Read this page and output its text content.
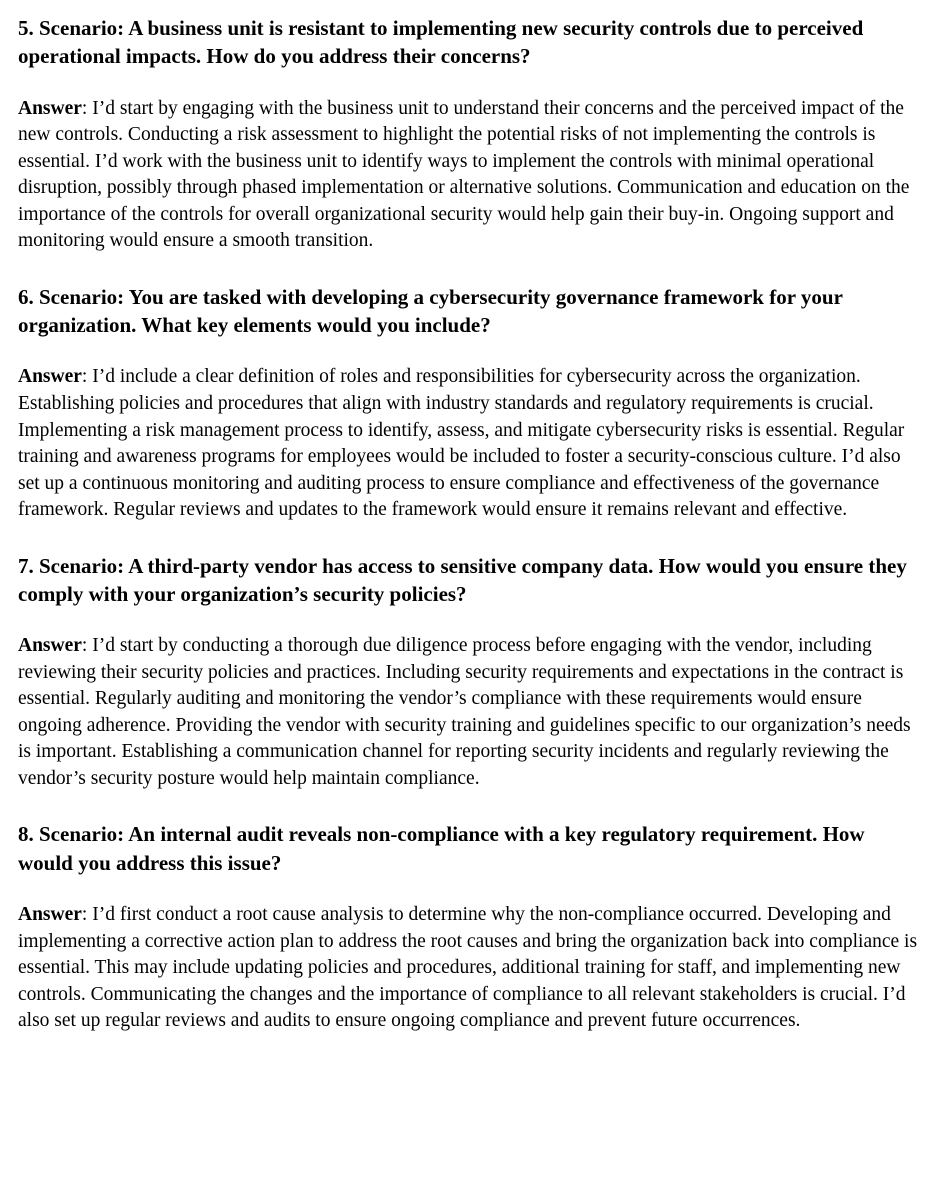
5. Scenario: A business unit is resistant to implementing new security controls due to perceived operational impacts. How do you address their concerns?

Answer: I’d start by engaging with the business unit to understand their concerns and the perceived impact of the new controls. Conducting a risk assessment to highlight the potential risks of not implementing the controls is essential. I’d work with the business unit to identify ways to implement the controls with minimal operational disruption, possibly through phased implementation or alternative solutions. Communication and education on the importance of the controls for overall organizational security would help gain their buy-in. Ongoing support and monitoring would ensure a smooth transition.

6. Scenario: You are tasked with developing a cybersecurity governance framework for your organization. What key elements would you include?

Answer: I’d include a clear definition of roles and responsibilities for cybersecurity across the organization. Establishing policies and procedures that align with industry standards and regulatory requirements is crucial. Implementing a risk management process to identify, assess, and mitigate cybersecurity risks is essential. Regular training and awareness programs for employees would be included to foster a security-conscious culture. I’d also set up a continuous monitoring and auditing process to ensure compliance and effectiveness of the governance framework. Regular reviews and updates to the framework would ensure it remains relevant and effective.

7. Scenario: A third-party vendor has access to sensitive company data. How would you ensure they comply with your organization’s security policies?

Answer: I’d start by conducting a thorough due diligence process before engaging with the vendor, including reviewing their security policies and practices. Including security requirements and expectations in the contract is essential. Regularly auditing and monitoring the vendor’s compliance with these requirements would ensure ongoing adherence. Providing the vendor with security training and guidelines specific to our organization’s needs is important. Establishing a communication channel for reporting security incidents and regularly reviewing the vendor’s security posture would help maintain compliance.

8. Scenario: An internal audit reveals non-compliance with a key regulatory requirement. How would you address this issue?

Answer: I’d first conduct a root cause analysis to determine why the non-compliance occurred. Developing and implementing a corrective action plan to address the root causes and bring the organization back into compliance is essential. This may include updating policies and procedures, additional training for staff, and implementing new controls. Communicating the changes and the importance of compliance to all relevant stakeholders is crucial. I’d also set up regular reviews and audits to ensure ongoing compliance and prevent future occurrences.
